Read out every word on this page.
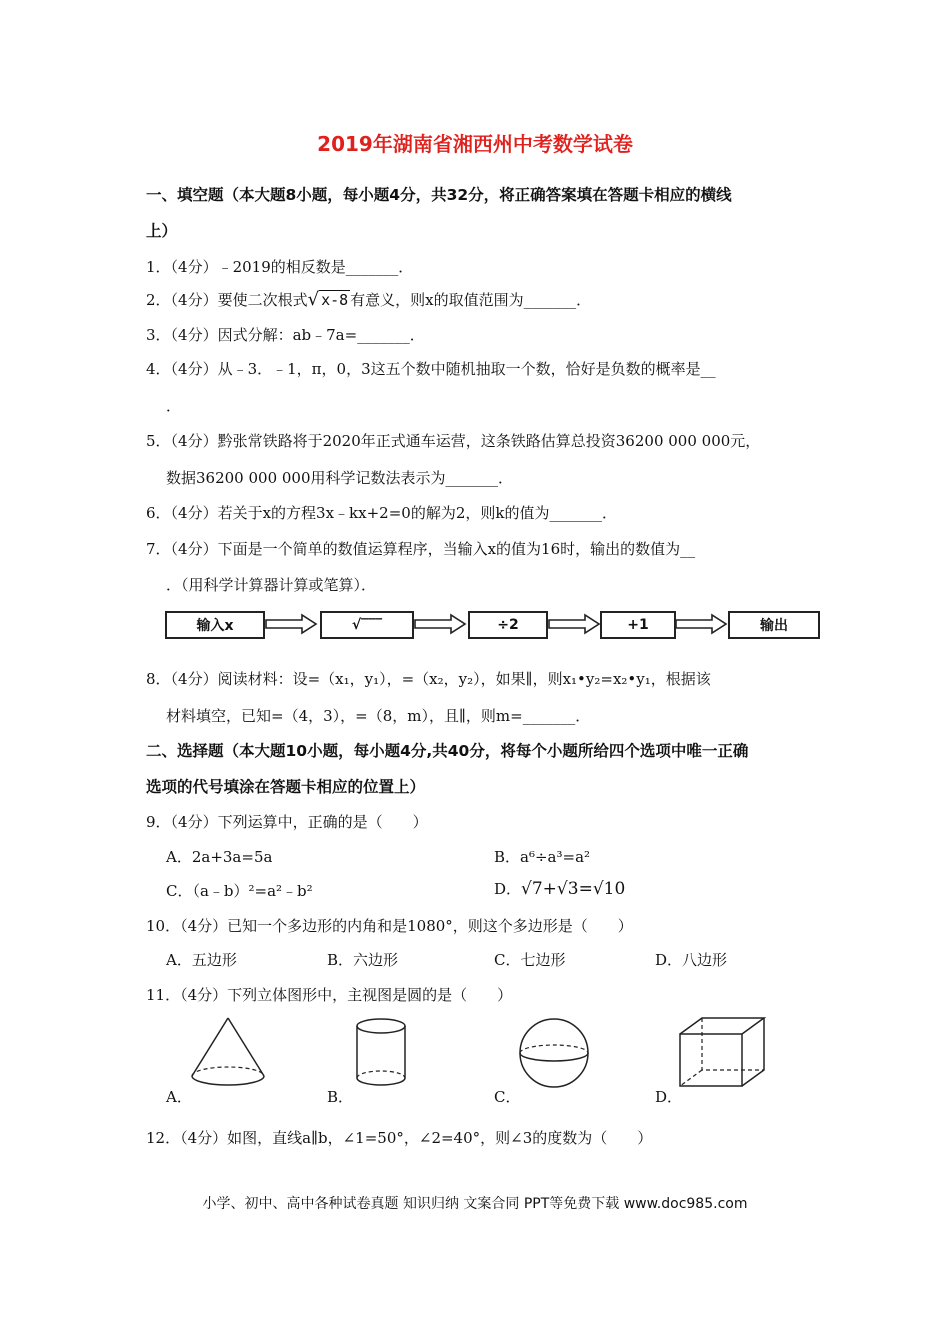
2019年湖南省湘西州中考数学试卷
一、填空题（本大题8小题，每小题4分，共32分，将正确答案填在答题卡相应的横线
上）
1．（4分）﹣2019的相反数是_______．
2．（4分）要使二次根式√ x-8 有意义，则x的取值范围为_______．
3．（4分）因式分解：ab﹣7a=_______．
4．（4分）从﹣3．﹣1，π，0，3这五个数中随机抽取一个数，恰好是负数的概率是__
．
5．（4分）黔张常铁路将于2020年正式通车运营，这条铁路估算总投资36200 000 000元，
数据36200 000 000用科学记数法表示为_______．
6．（4分）若关于x的方程3x﹣kx+2=0的解为2，则k的值为_______．
7．（4分）下面是一个简单的数值运算程序，当输入x的值为16时，输出的数值为__
．（用科学计算器计算或笔算）．
输入x	√‾‾‾	÷2	+1	输出
8．（4分）阅读材料：设=（x₁，y₁），=（x₂，y₂），如果∥，则x₁•y₂=x₂•y₁，根据该
材料填空，已知=（4，3），=（8，m），且∥，则m=_______．
二、选择题（本大题10小题，每小题4分,共40分，将每个小题所给四个选项中唯一正确
选项的代号填涂在答题卡相应的位置上）
9．（4分）下列运算中，正确的是（　　）
A．2a+3a=5a	B．a⁶÷a³=a²
C．（a﹣b）²=a²﹣b²	D．√7+√3=√10
10．（4分）已知一个多边形的内角和是1080°，则这个多边形是（　　）
A．五边形	B．六边形	C．七边形	D．八边形
11．（4分）下列立体图形中，主视图是圆的是（　　）
A．	B．	C．	D．
12．（4分）如图，直线a∥b，∠1=50°，∠2=40°，则∠3的度数为（　　）
小学、初中、高中各种试卷真题 知识归纳 文案合同 PPT等免费下载 www.doc985.com
